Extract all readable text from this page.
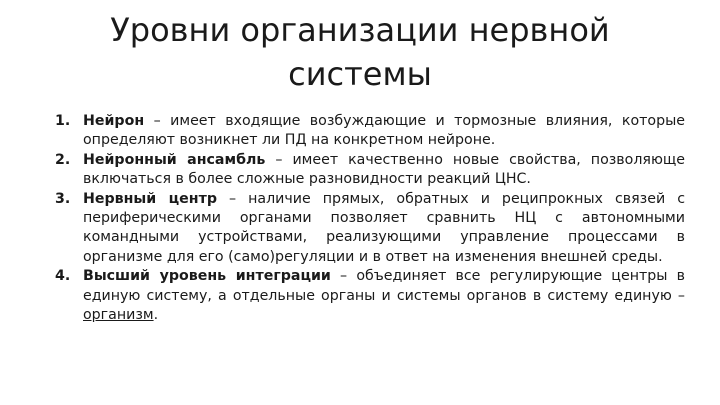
Уровни организации нервной
системы
1. Нейрон – имеет входящие возбуждающие и тормозные влияния, которые определяют возникнет ли ПД на конкретном нейроне.
2. Нейронный ансамбль – имеет качественно новые свойства, позволяюще включаться в более сложные разновидности реакций ЦНС.
3. Нервный центр – наличие прямых, обратных и реципрокных связей с периферическими органами позволяет сравнить НЦ с автономными командными устройствами, реализующими управление процессами в организме для его (само)регуляции и в ответ на изменения внешней среды.
4. Высший уровень интеграции – объединяет все регулирующие центры в единую систему, а отдельные органы и системы органов в систему единую – организм.
